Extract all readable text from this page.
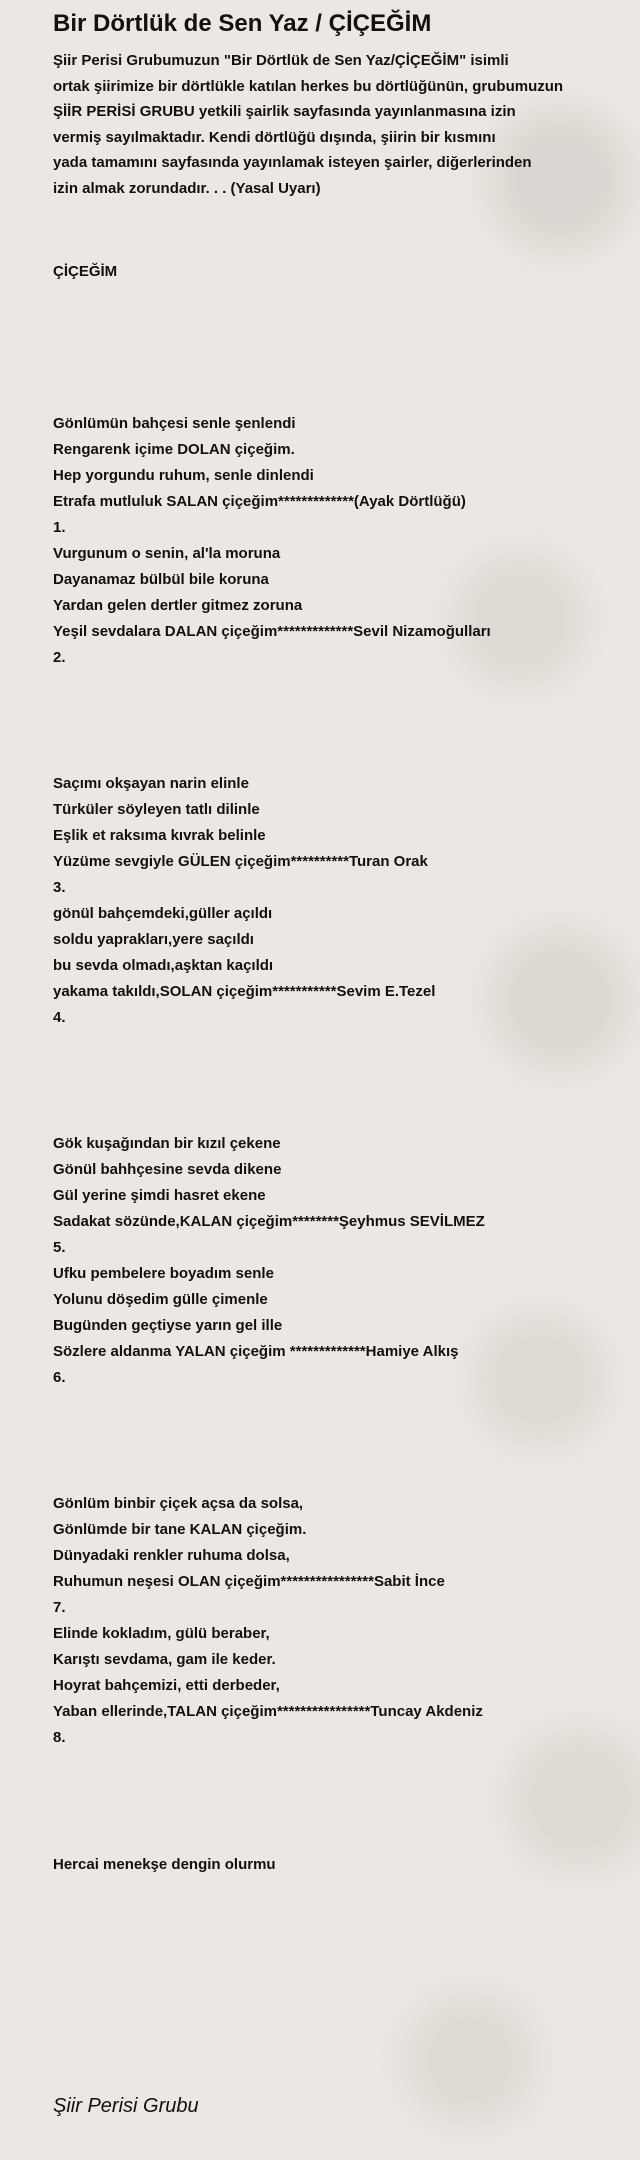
Bir Dörtlük de Sen Yaz / ÇİÇEĞİM
Şiir Perisi Grubumuzun "Bir Dörtlük de Sen Yaz/ÇİÇEĞİM" isimli
ortak şiirimize bir dörtlükle katılan herkes bu dörtlüğünün, grubumuzun
ŞİİR PERİSİ GRUBU yetkili şairlik sayfasında yayınlanmasına izin
vermiş sayılmaktadır. Kendi dörtlüğü dışında, şiirin bir kısmını
yada tamamını sayfasında yayınlamak isteyen şairler, diğerlerinden
izin almak zorundadır. . . (Yasal Uyarı)
ÇİÇEĞİM
Gönlümün bahçesi senle şenlendi
Rengarenk içime DOLAN çiçeğim.
Hep yorgundu ruhum, senle dinlendi
Etrafa mutluluk SALAN çiçeğim*************(Ayak Dörtlüğü)
1.
Vurgunum o senin, al'la moruna
Dayanamaz bülbül bile koruna
Yardan gelen dertler gitmez zoruna
Yeşil sevdalara DALAN çiçeğim*************Sevil Nizamoğulları
2.
Saçımı okşayan narin elinle
Türküler söyleyen tatlı dilinle
Eşlik et raksıma kıvrak belinle
Yüzüme sevgiyle GÜLEN çiçeğim**********Turan Orak
3.
gönül bahçemdeki,güller açıldı
soldu yaprakları,yere saçıldı
bu sevda olmadı,aşktan kaçıldı
yakama takıldı,SOLAN çiçeğim***********Sevim E.Tezel
4.
Gök kuşağından bir kızıl çekene
Gönül bahhçesine sevda dikene
Gül yerine şimdi hasret ekene
Sadakat sözünde,KALAN çiçeğim********Şeyhmus SEVİLMEZ
5.
Ufku pembelere boyadım senle
Yolunu döşedim gülle çimenle
Bugünden geçtiyse yarın gel ille
Sözlere aldanma YALAN çiçeğim *************Hamiye Alkış
6.
Gönlüm binbir çiçek açsa da solsa,
Gönlümde bir tane KALAN çiçeğim.
Dünyadaki renkler ruhuma dolsa,
Ruhumun neşesi OLAN çiçeğim****************Sabit İnce
7.
Elinde kokladım, gülü beraber,
Karıştı sevdama, gam ile keder.
Hoyrat bahçemizi, etti derbeder,
Yaban ellerinde,TALAN çiçeğim****************Tuncay Akdeniz
8.
Hercai menekşe dengin olurmu
Şiir Perisi Grubu
